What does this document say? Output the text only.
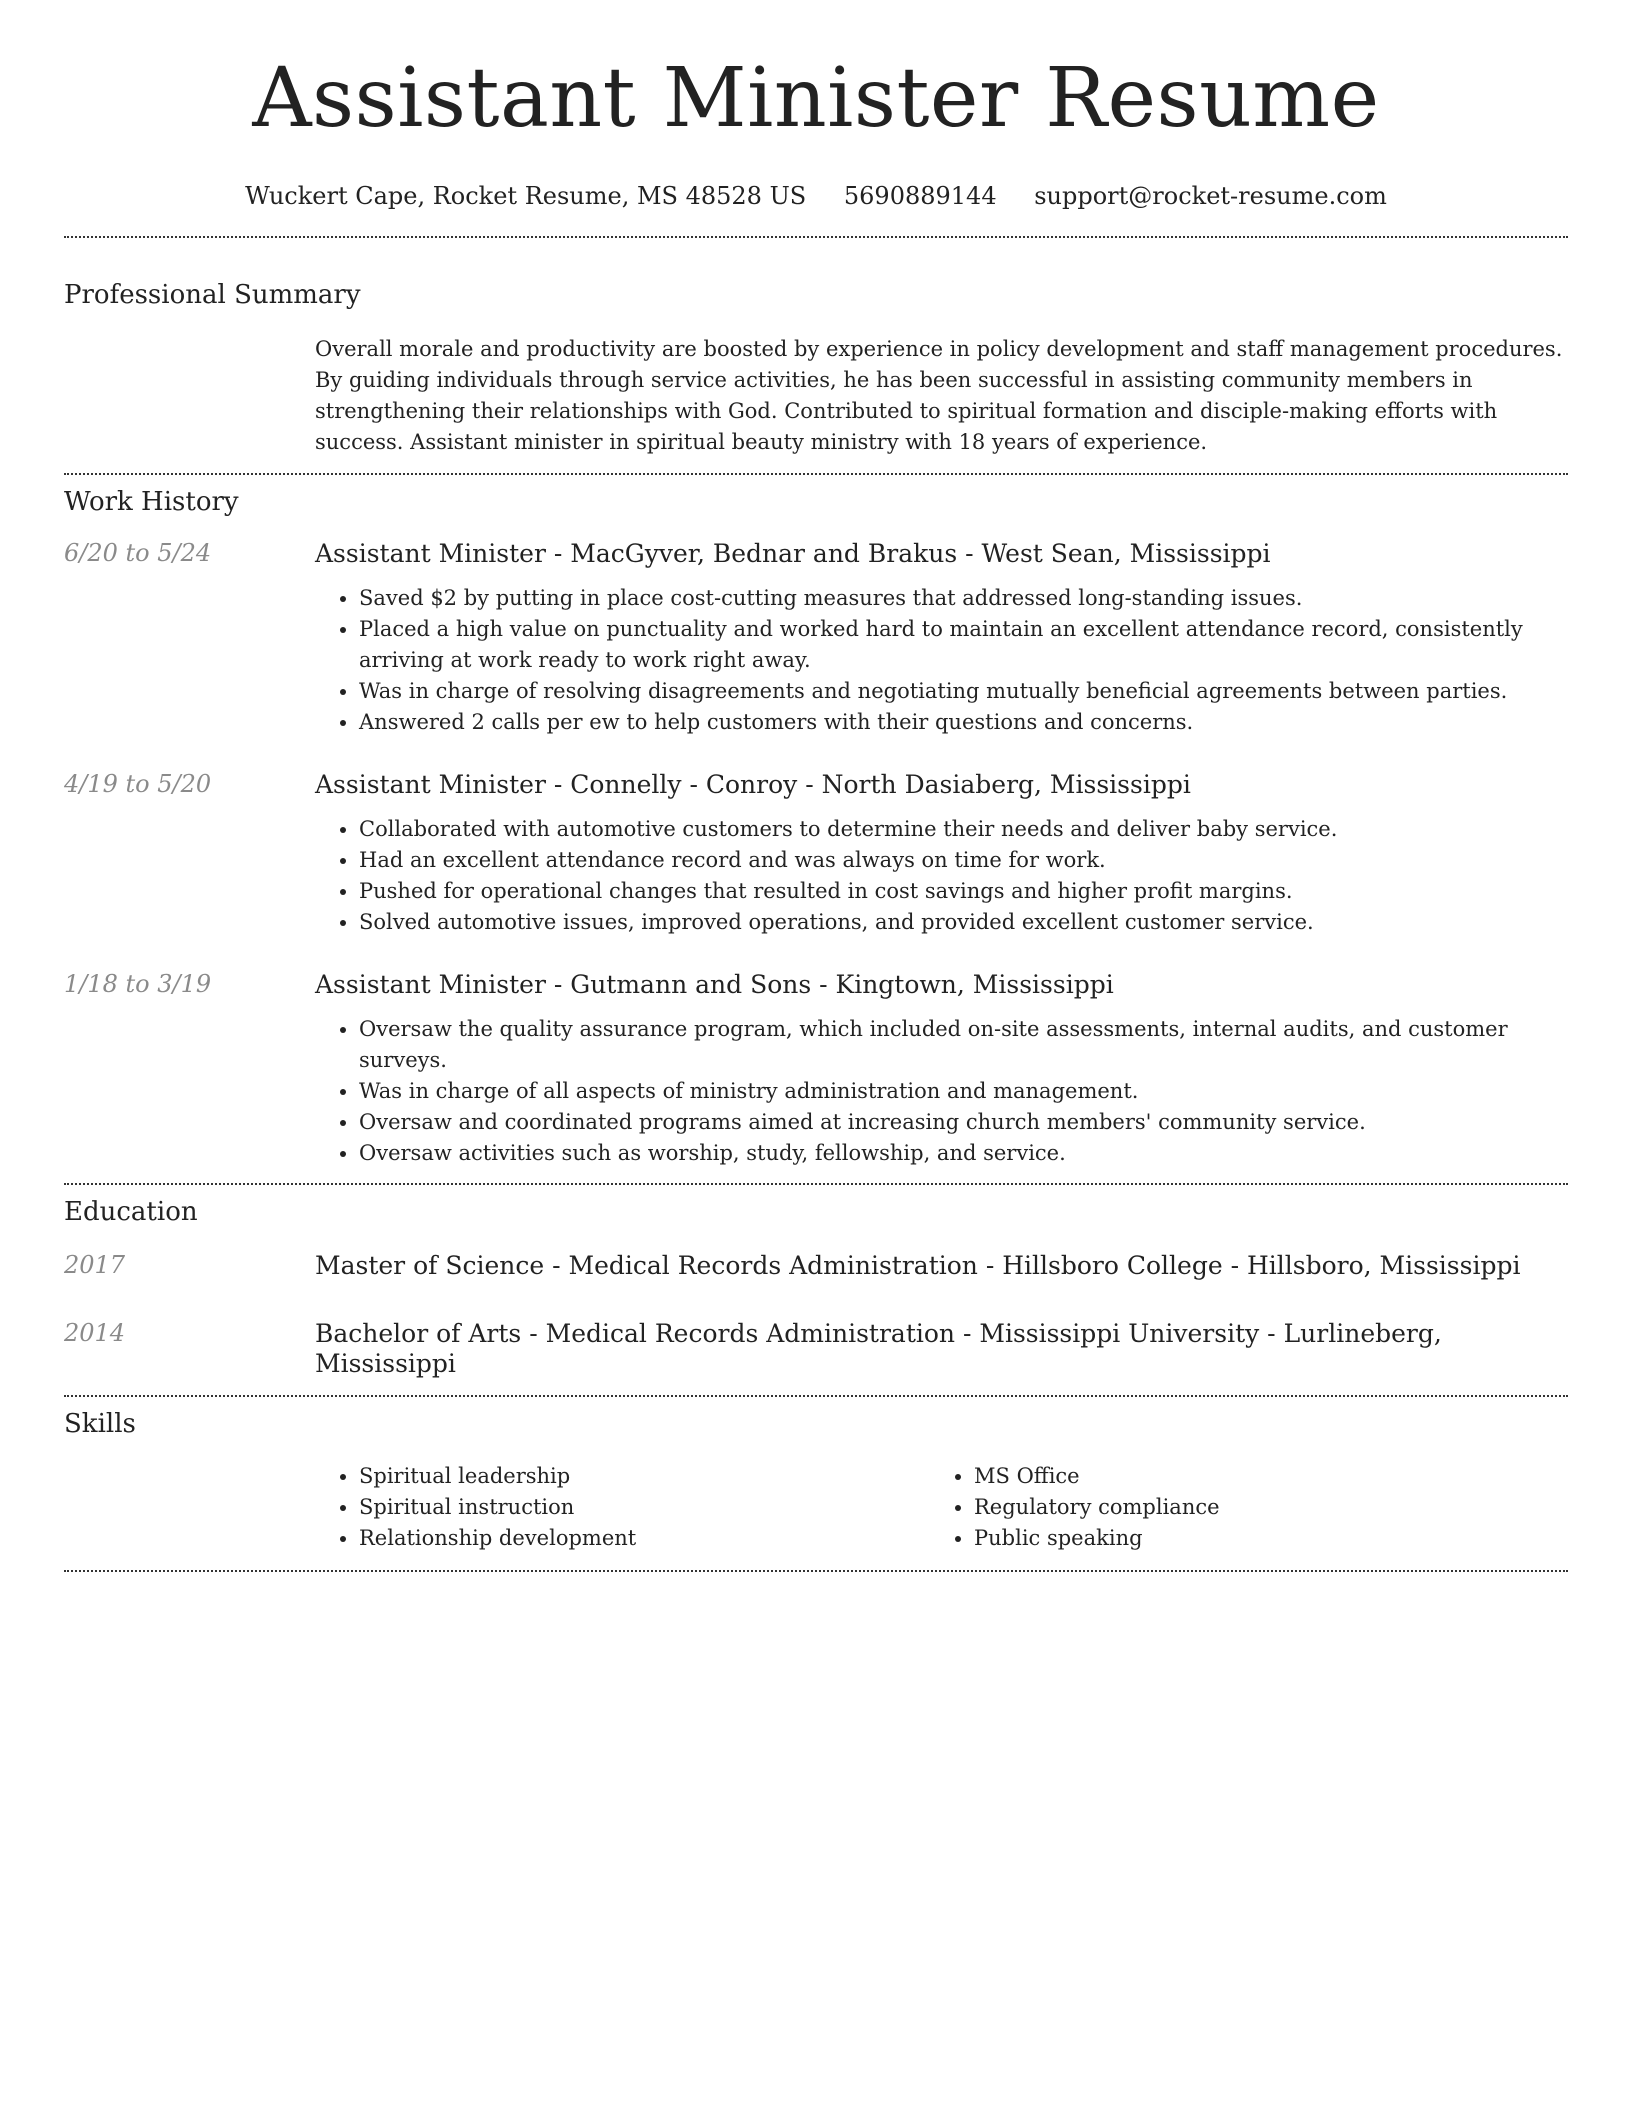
Assistant Minister Resume
Wuckert Cape, Rocket Resume, MS 48528 US 5690889144 support@rocket-resume.com
Professional Summary

Overall morale and productivity are boosted by experience in policy development and staff management procedures. By guiding individuals through service activities, he has been successful in assisting community members in strengthening their relationships with God. Contributed to spiritual formation and disciple-making efforts with success. Assistant minister in spiritual beauty ministry with 18 years of experience.

Work History
6/20 to 5/24	Assistant Minister - MacGyver, Bednar and Brakus - West Sean, Mississippi

• Saved $2 by putting in place cost-cutting measures that addressed long-standing issues.
• Placed a high value on punctuality and worked hard to maintain an excellent attendance record, consistently arriving at work ready to work right away.
• Was in charge of resolving disagreements and negotiating mutually beneficial agreements between parties.
• Answered 2 calls per ew to help customers with their questions and concerns.
4/19 to 5/20	Assistant Minister - Connelly - Conroy - North Dasiaberg, Mississippi

• Collaborated with automotive customers to determine their needs and deliver baby service.
• Had an excellent attendance record and was always on time for work.
• Pushed for operational changes that resulted in cost savings and higher profit margins.
• Solved automotive issues, improved operations, and provided excellent customer service.
1/18 to 3/19	Assistant Minister - Gutmann and Sons - Kingtown, Mississippi

• Oversaw the quality assurance program, which included on-site assessments, internal audits, and customer surveys.
• Was in charge of all aspects of ministry administration and management.
• Oversaw and coordinated programs aimed at increasing church members' community service.
• Oversaw activities such as worship, study, fellowship, and service.
Education
2017	Master of Science - Medical Records Administration - Hillsboro College - Hillsboro, Mississippi

2014	Bachelor of Arts - Medical Records Administration - Mississippi University - Lurlineberg, Mississippi

Skills
• Spiritual leadership
• Spiritual instruction
• Relationship development
• MS Office
• Regulatory compliance
• Public speaking
